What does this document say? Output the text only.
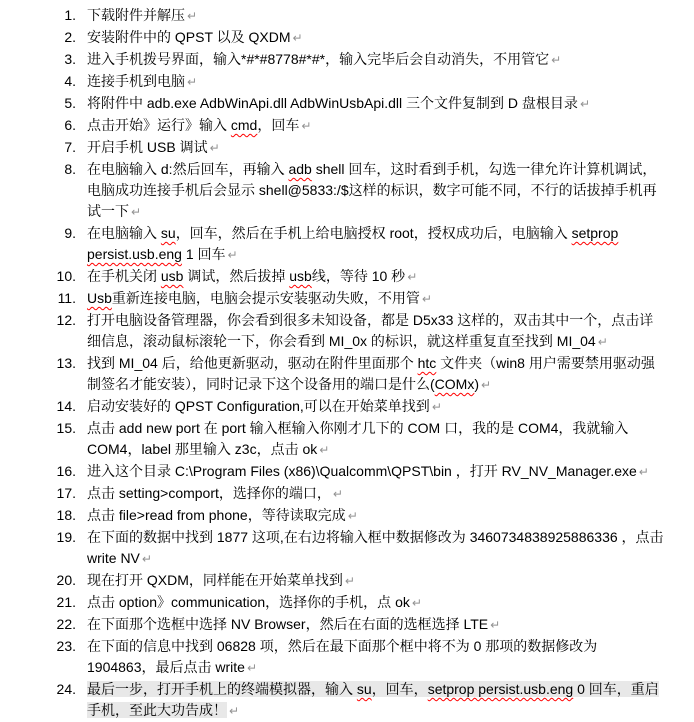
1. 下载附件并解压 ↵
2. 安装附件中的 QPST 以及 QXDM ↵
3. 进入手机拨号界面，输入*#*#8778#*#*，输入完毕后会自动消失，不用管它 ↵
4. 连接手机到电脑 ↵
5. 将附件中 adb.exe AdbWinApi.dll AdbWinUsbApi.dll 三个文件复制到 D 盘根目录 ↵
6. 点击开始》运行》输入 cmd，回车 ↵
7. 开启手机 USB 调试 ↵
8. 在电脑输入 d:然后回车，再输入 adb shell 回车，这时看到手机，勾选一律允许计算机调试，电脑成功连接手机后会显示 shell@5833:/$这样的标识，数字可能不同，不行的话拔掉手机再试一下 ↵
9. 在电脑输入 su，回车，然后在手机上给电脑授权 root，授权成功后，电脑输入 setprop persist.usb.eng 1 回车 ↵
10. 在手机关闭 usb 调试，然后拔掉 usb线，等待 10 秒 ↵
11. Usb重新连接电脑，电脑会提示安装驱动失败，不用管 ↵
12. 打开电脑设备管理器，你会看到很多未知设备，都是 D5x33 这样的，双击其中一个，点击详细信息，滚动鼠标滚轮一下，你会看到 MI_0x 的标识，就这样重复直至找到 MI_04 ↵
13. 找到 MI_04 后，给他更新驱动，驱动在附件里面那个 htc 文件夹（win8 用户需要禁用驱动强制签名才能安装），同时记录下这个设备用的端口是什么(COMx) ↵
14. 启动安装好的 QPST Configuration,可以在开始菜单找到 ↵
15. 点击 add new port 在 port 输入框输入你刚才几下的 COM 口，我的是 COM4，我就输入 COM4，label 那里输入 z3c，点击 ok ↵
16. 进入这个目录 C:\Program Files (x86)\Qualcomm\QPST\bin ，打开 RV_NV_Manager.exe ↵
17. 点击 setting>comport，选择你的端口， ↵
18. 点击 file>read from phone，等待读取完成 ↵
19. 在下面的数据中找到 1877 这项,在右边将输入框中数据修改为 3460734838925886336 ，点击 write NV ↵
20. 现在打开 QXDM，同样能在开始菜单找到 ↵
21. 点击 option》communication，选择你的手机，点 ok ↵
22. 在下面那个选框中选择 NV Browser，然后在右面的选框选择 LTE ↵
23. 在下面的信息中找到 06828 项，然后在最下面那个框中将不为 0 那项的数据修改为 1904863，最后点击 write ↵
24. 最后一步，打开手机上的终端模拟器，输入 su，回车，setprop persist.usb.eng 0 回车，重启手机，至此大功告成！ ↵
